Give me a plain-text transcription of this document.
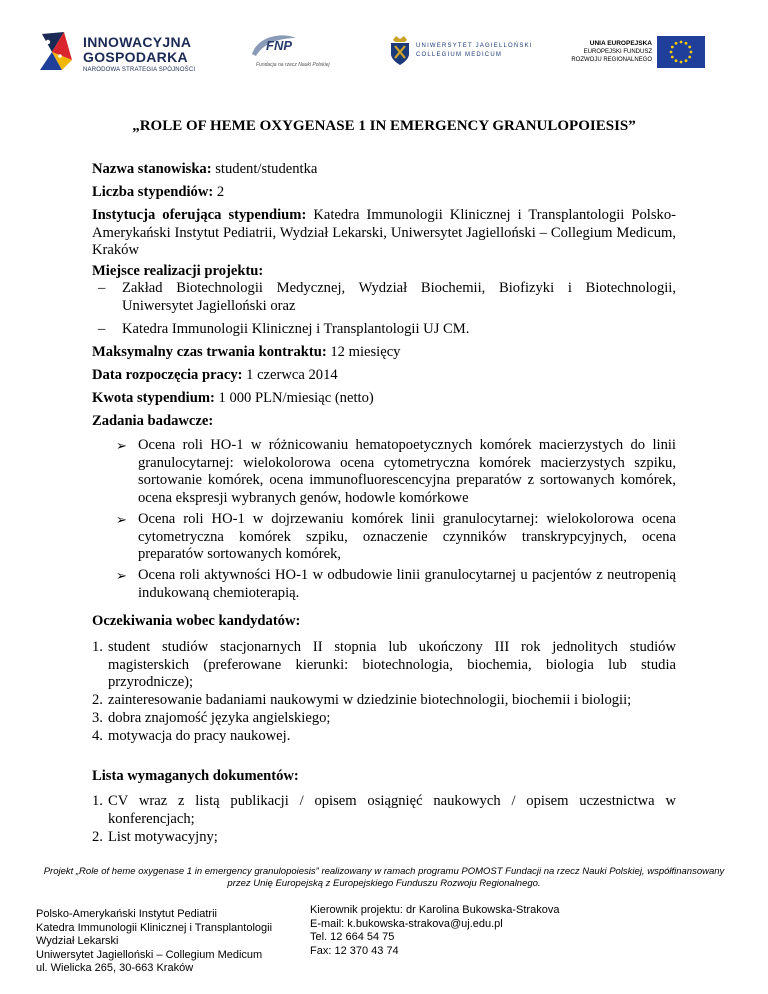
INNOWACYJNA
GOSPODARKA
NARODOWA STRATEGIA SPÓJNOŚCI
FNP
Fundacja na rzecz Nauki Polskiej
UNIWERSYTET JAGIELLOŃSKI
COLLEGIUM MEDICUM
UNIA EUROPEJSKA
EUROPEJSKI FUNDUSZ
ROZWOJU REGIONALNEGO
„ROLE OF HEME OXYGENASE 1 IN EMERGENCY GRANULOPOIESIS”
Nazwa stanowiska: student/studentka
Liczba stypendiów: 2
Instytucja oferująca stypendium: Katedra Immunologii Klinicznej i Transplantologii Polsko-Amerykański Instytut Pediatrii, Wydział Lekarski, Uniwersytet Jagielloński – Collegium Medicum, Kraków
Miejsce realizacji projektu:
– Zakład Biotechnologii Medycznej, Wydział Biochemii, Biofizyki i Biotechnologii, Uniwersytet Jagielloński oraz
– Katedra Immunologii Klinicznej i Transplantologii UJ CM.
Maksymalny czas trwania kontraktu: 12 miesięcy
Data rozpoczęcia pracy: 1 czerwca 2014
Kwota stypendium: 1 000 PLN/miesiąc (netto)
Zadania badawcze:
➢ Ocena roli HO-1 w różnicowaniu hematopoetycznych komórek macierzystych do linii granulocytarnej: wielokolorowa ocena cytometryczna komórek macierzystych szpiku, sortowanie komórek, ocena immunofluorescencyjna preparatów z sortowanych komórek, ocena ekspresji wybranych genów, hodowle komórkowe
➢ Ocena roli HO-1 w dojrzewaniu komórek linii granulocytarnej: wielokolorowa ocena cytometryczna komórek szpiku, oznaczenie czynników transkrypcyjnych, ocena preparatów sortowanych komórek,
➢ Ocena roli aktywności HO-1 w odbudowie linii granulocytarnej u pacjentów z neutropenią indukowaną chemioterapią.
Oczekiwania wobec kandydatów:
1. student studiów stacjonarnych II stopnia lub ukończony III rok jednolitych studiów magisterskich (preferowane kierunki: biotechnologia, biochemia, biologia lub studia przyrodnicze);
2. zainteresowanie badaniami naukowymi w dziedzinie biotechnologii, biochemii i biologii;
3. dobra znajomość języka angielskiego;
4. motywacja do pracy naukowej.
Lista wymaganych dokumentów:
1. CV wraz z listą publikacji / opisem osiągnięć naukowych / opisem uczestnictwa w konferencjach;
2. List motywacyjny;
Projekt „Role of heme oxygenase 1 in emergency granulopoiesis” realizowany w ramach programu POMOST Fundacji na rzecz Nauki Polskiej, współfinansowany przez Unię Europejską z Europejskiego Funduszu Rozwoju Regionalnego.
Polsko-Amerykański Instytut Pediatrii
Katedra Immunologii Klinicznej i Transplantologii
Wydział Lekarski
Uniwersytet Jagielloński – Collegium Medicum
ul. Wielicka 265, 30-663 Kraków
Kierownik projektu: dr Karolina Bukowska-Strakova
E-mail: k.bukowska-strakova@uj.edu.pl
Tel. 12 664 54 75
Fax: 12 370 43 74
